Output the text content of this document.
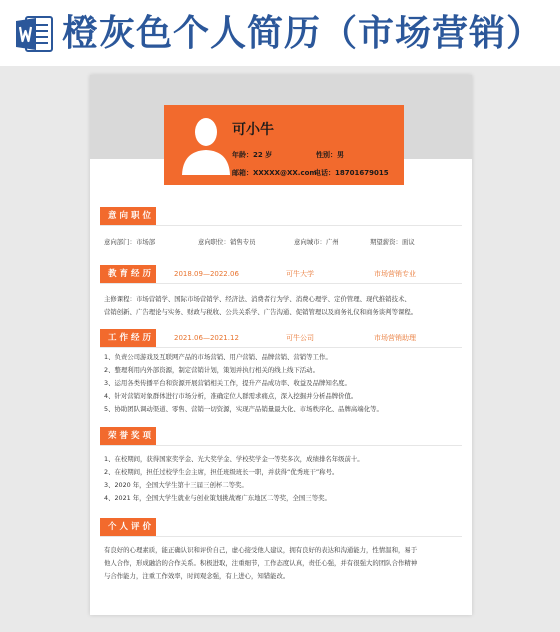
橙灰色个人简历（市场营销）
可小牛
年龄：22 岁	性别：男
邮箱：XXXXX@XX.com
电话：18701679015
意向职位
意向部门：市场部	意向职位：销售专员	意向城市：广州	期望薪资：面议
教育经历	2018.09—2022.06	可牛大学	市场营销专业
主修课程：市场营销学、国际市场营销学、经济法、消费者行为学、消费心理学、定价管理、现代推销技术、
营销创新、广告理论与实务、财政与税收、公共关系学、广告沟通、促销管理以及商务礼仪和商务谈判等课程。
工作经历	2021.06—2021.12	可牛公司	市场营销助理
1、负责公司游戏及互联网产品的市场营销、用户营销、品牌营销、营销等工作。
2、整理利用内外部资源，制定营销计划，策划并执行相关的线上线下活动。
3、运用各类传播平台和资源开展营销相关工作，提升产品成功率、收益及品牌知名度。
4、针对营销对象群体进行市场分析，准确定位人群需求痛点，深入挖掘并分析品牌价值。
5、协助团队调动渠道、零售、营销一切资源，实现产品销量最大化、市场秩序化、品牌高端化等。
荣誉奖项
1、在校期间，获得国家奖学金、光大奖学金、学校奖学金一等奖多次，成绩排名年级前十。
2、在校期间，担任过校学生会主席，担任班级班长一职，并获得“优秀班干”称号。
3、2020 年，全国大学生第十三届三创杯二等奖。
4、2021 年，全国大学生就业与创业策划挑战赛广东地区二等奖，全国三等奖。
个人评价
有良好的心理素质，能正确认识和评价自己，虚心接受他人建议，拥有良好的表达和沟通能力，性情温和，易于
他人合作，形成融洽的合作关系。积极进取，注重细节，工作态度认真，责任心强，并有很强大的团队合作精神
与合作能力，注重工作效率，时间观念强，有上进心，知错能改。
